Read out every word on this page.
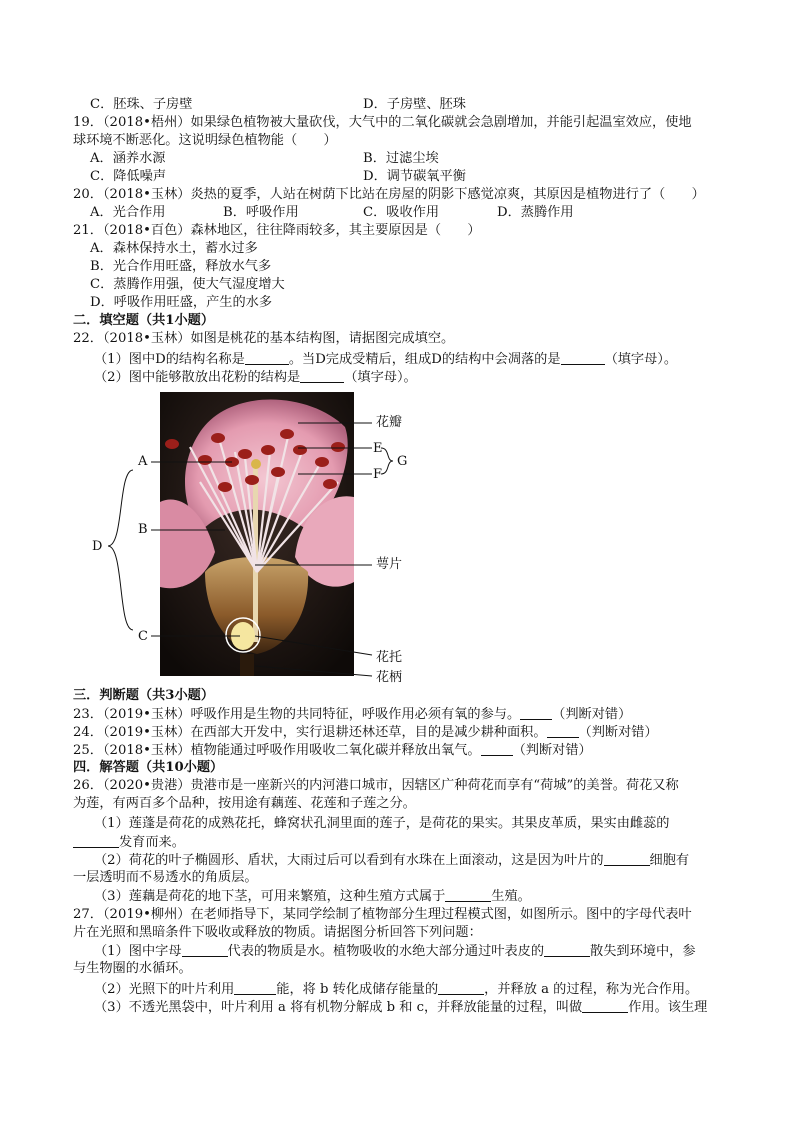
C．胚珠、子房壁	D．子房壁、胚珠
19．（2018•梧州）如果绿色植物被大量砍伐，大气中的二氧化碳就会急剧增加，并能引起温室效应，使地
球环境不断恶化。这说明绿色植物能（　　）
A．涵养水源	B．过滤尘埃
C．降低噪声	D．调节碳氧平衡
20．（2018•玉林）炎热的夏季，人站在树荫下比站在房屋的阴影下感觉凉爽，其原因是植物进行了（　　）
A．光合作用	B．呼吸作用	C．吸收作用	D．蒸腾作用
21．（2018•百色）森林地区，往往降雨较多，其主要原因是（　　）
A．森林保持水土，蓄水过多
B．光合作用旺盛，释放水气多
C．蒸腾作用强，使大气湿度增大
D．呼吸作用旺盛，产生的水多
二．填空题（共1小题）
22．（2018•玉林）如图是桃花的基本结构图，请据图完成填空。
（1）图中D的结构名称是	。当D完成受精后，组成D的结构中会凋落的是	（填字母）。
（2）图中能够散放出花粉的结构是	（填字母）。
三．判断题（共3小题）
23．（2019•玉林）呼吸作用是生物的共同特征，呼吸作用必须有氧的参与。 （判断对错）
24．（2019•玉林）在西部大开发中，实行退耕还林还草，目的是减少耕种面积。 （判断对错）
25．（2018•玉林）植物能通过呼吸作用吸收二氧化碳并释放出氧气。 （判断对错）
四．解答题（共10小题）
26．（2020•贵港）贵港市是一座新兴的内河港口城市，因辖区广种荷花而享有“荷城”的美誉。荷花又称
为莲，有两百多个品种，按用途有藕莲、花莲和子莲之分。
（1）莲蓬是荷花的成熟花托，蜂窝状孔洞里面的莲子，是荷花的果实。其果皮革质，果实由雌蕊的
发育而来。
（2）荷花的叶子椭圆形、盾状，大雨过后可以看到有水珠在上面滚动，这是因为叶片的	细胞有
一层透明而不易透水的角质层。
（3）莲藕是荷花的地下茎，可用来繁殖，这种生殖方式属于	生殖。
27．（2019•柳州）在老师指导下，某同学绘制了植物部分生理过程模式图，如图所示。图中的字母代表叶
片在光照和黑暗条件下吸收或释放的物质。请据图分析回答下列问题：
（1）图中字母	代表的物质是水。植物吸收的水绝大部分通过叶表皮的	散失到环境中，参
与生物圈的水循环。
（2）光照下的叶片利用	能，将 b 转化成储存能量的	，并释放 a 的过程，称为光合作用。
（3）不透光黑袋中，叶片利用 a 将有机物分解成 b 和 c，并释放能量的过程，叫做	作用。该生理
花瓣
E
F
G
A
B
D
C
萼片
花托
花柄
